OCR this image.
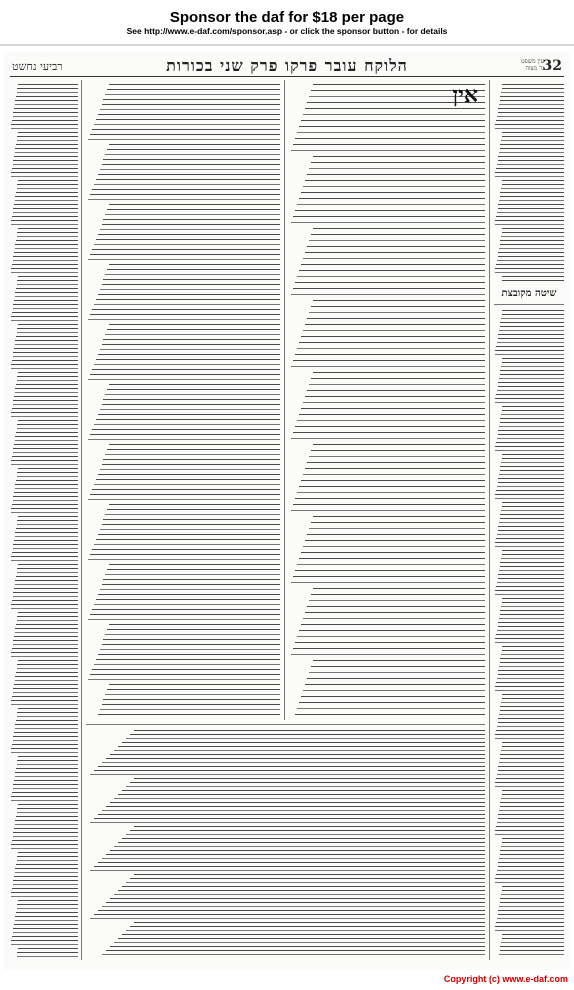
Sponsor the daf for $18 per page
See http://www.e-daf.com/sponsor.asp - or click the sponsor button - for details
רביעי נחשט	הלוקח עובר פרקו פרק שני בכורות	עין משפט
נר מצוה 32
אין
שיטה מקובצת
Copyright (c) www.e-daf.com
